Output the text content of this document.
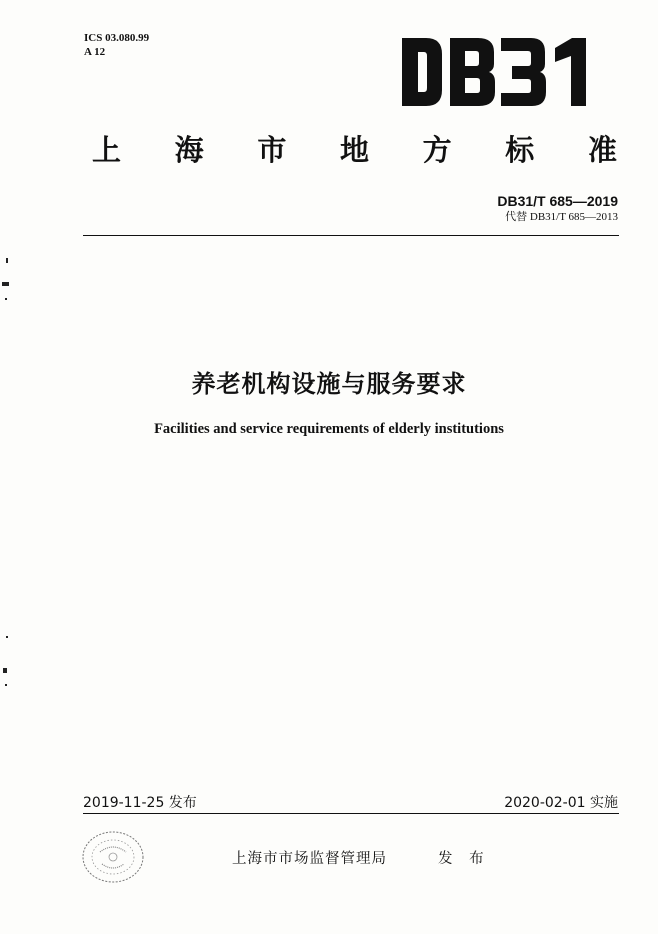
ICS 03.080.99
A 12
上 海 市 地 方 标 准
DB31/T 685—2019
代替 DB31/T 685—2013
养老机构设施与服务要求
Facilities and service requirements of elderly institutions
2019-11-25 发布	2020-02-01 实施
上海市市场监督管理局	发 布
